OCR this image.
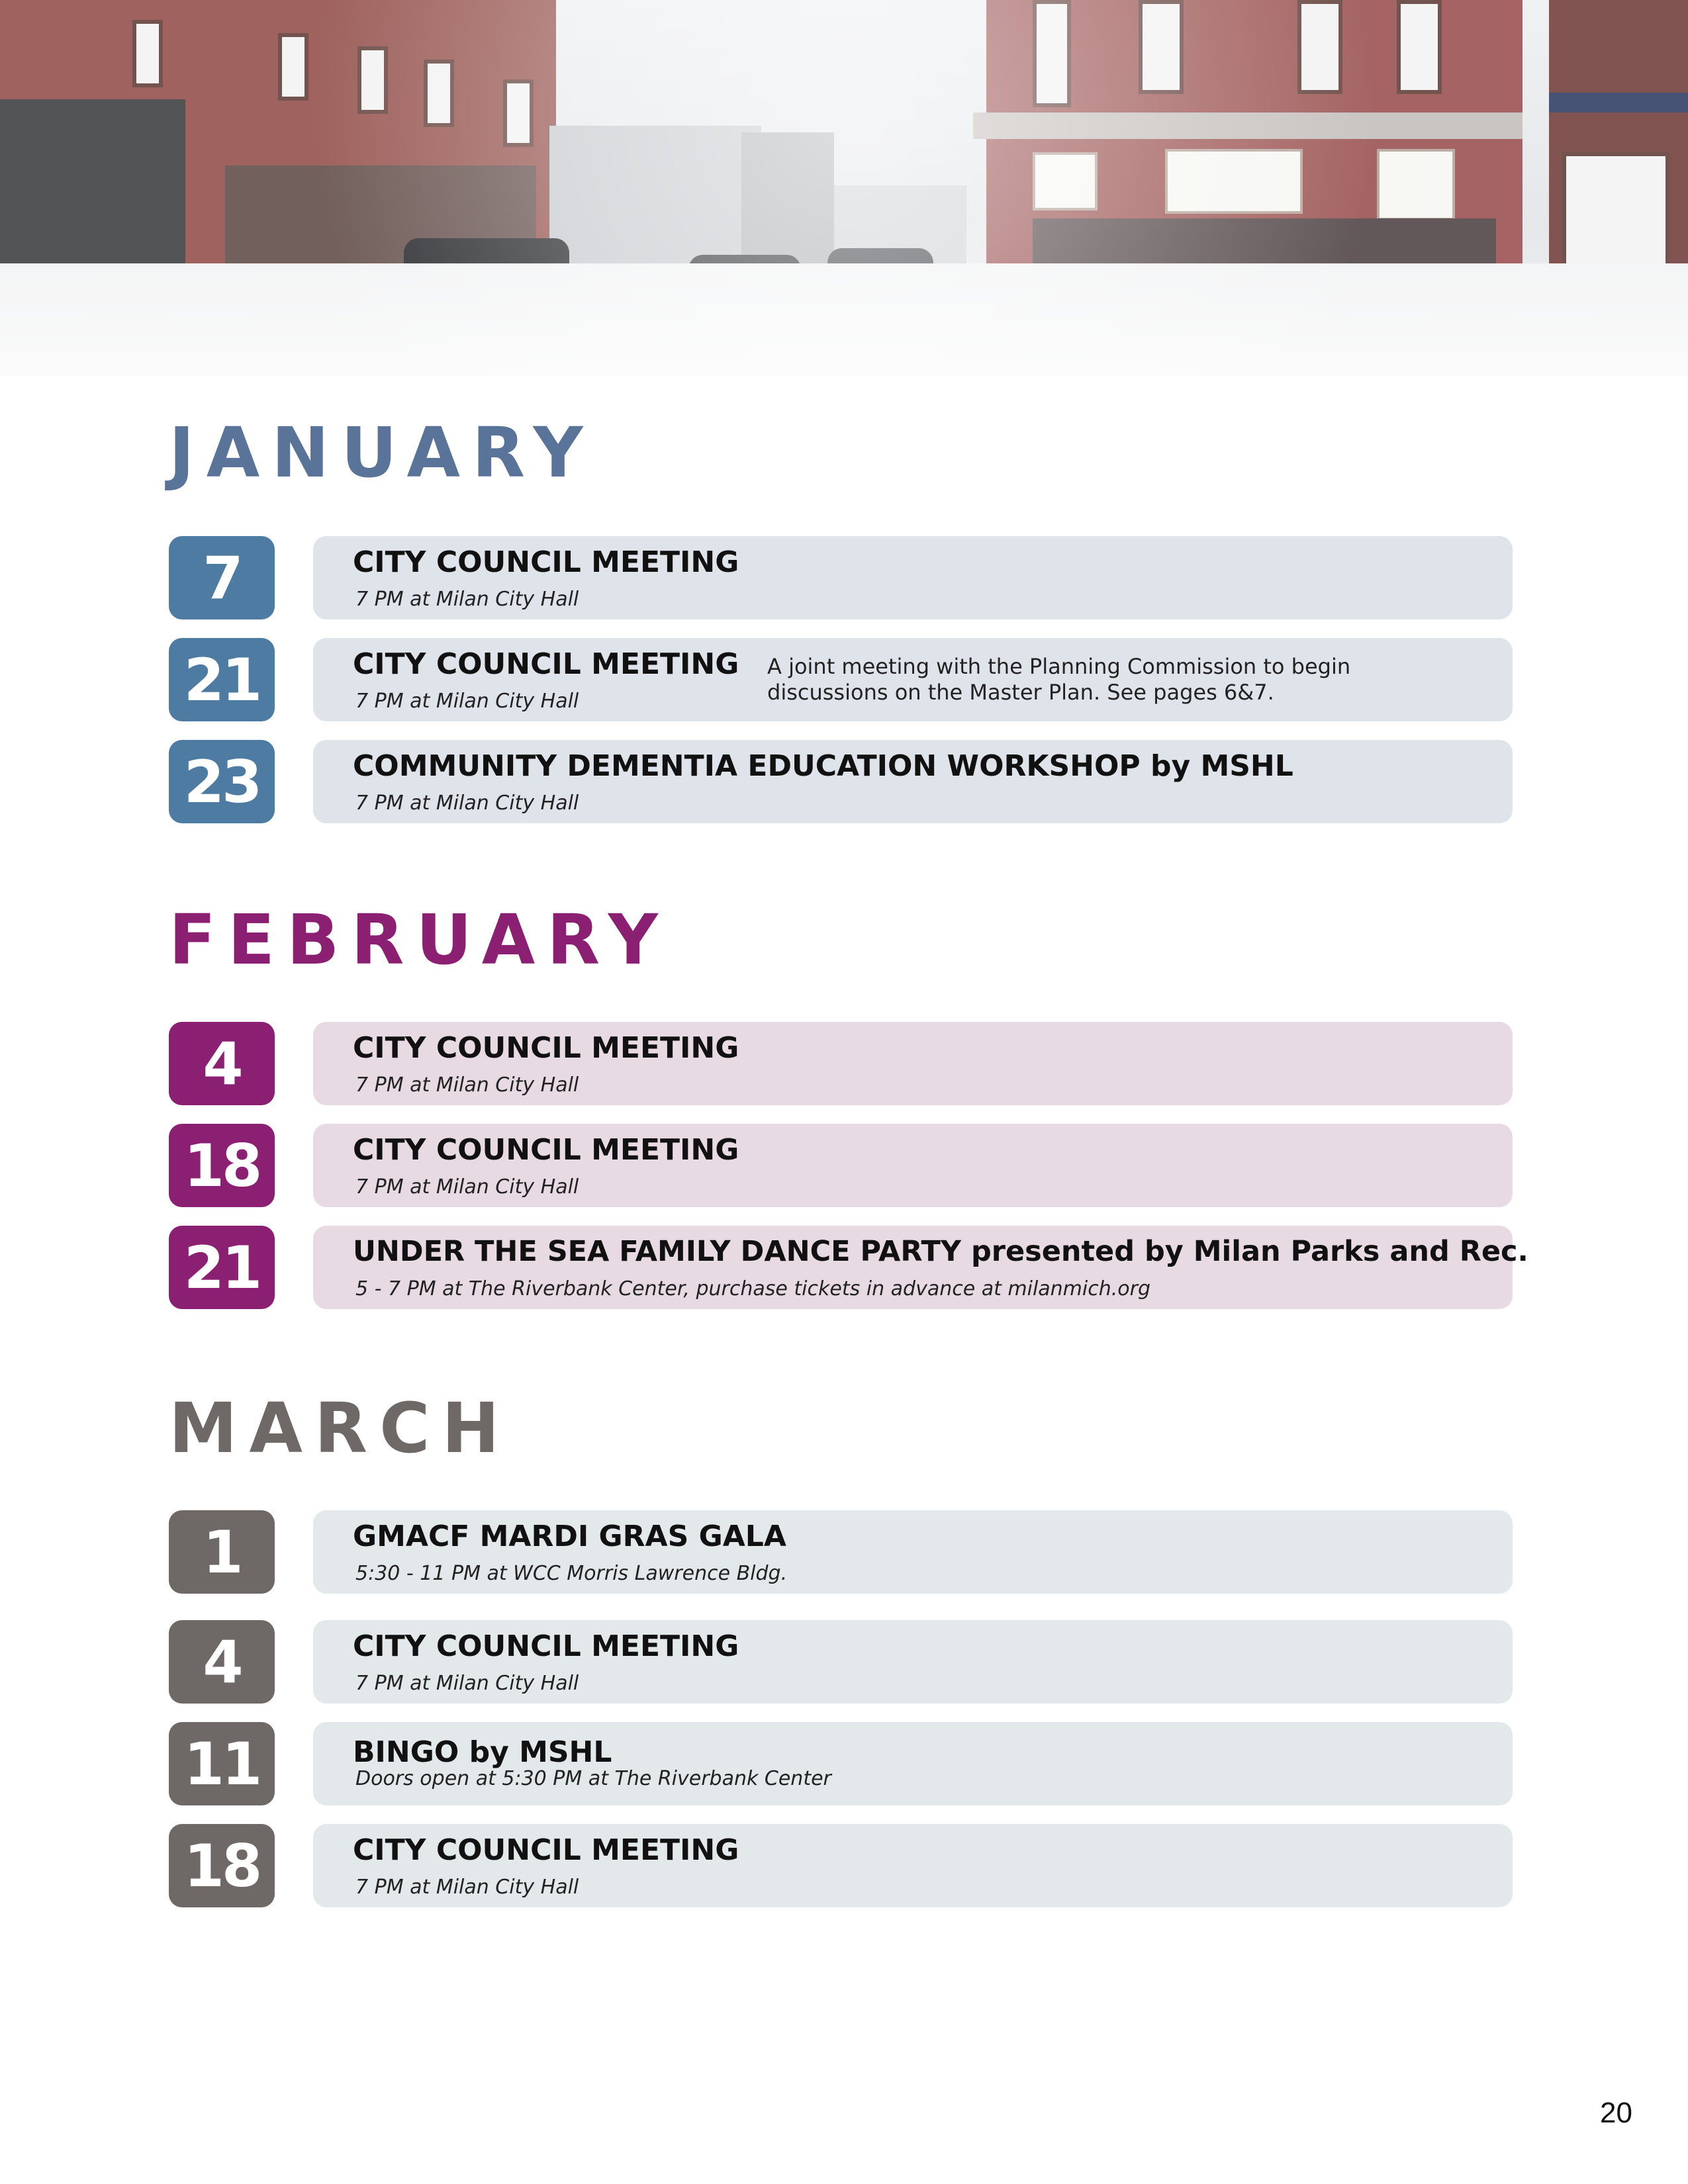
JANUARY
7	CITY COUNCIL MEETING
7 PM at Milan City Hall
21	CITY COUNCIL MEETING
7 PM at Milan City Hall
A joint meeting with the Planning Commission to begin discussions on the Master Plan. See pages 6&7.
23	COMMUNITY DEMENTIA EDUCATION WORKSHOP by MSHL
7 PM at Milan City Hall
FEBRUARY
4	CITY COUNCIL MEETING
7 PM at Milan City Hall
18	CITY COUNCIL MEETING
7 PM at Milan City Hall
21	UNDER THE SEA FAMILY DANCE PARTY presented by Milan Parks and Rec.
5 - 7 PM at The Riverbank Center, purchase tickets in advance at milanmich.org
MARCH
1	GMACF MARDI GRAS GALA
5:30 - 11 PM at WCC Morris Lawrence Bldg.
4	CITY COUNCIL MEETING
7 PM at Milan City Hall
11	BINGO by MSHL
Doors open at 5:30 PM at The Riverbank Center
18	CITY COUNCIL MEETING
7 PM at Milan City Hall
20
